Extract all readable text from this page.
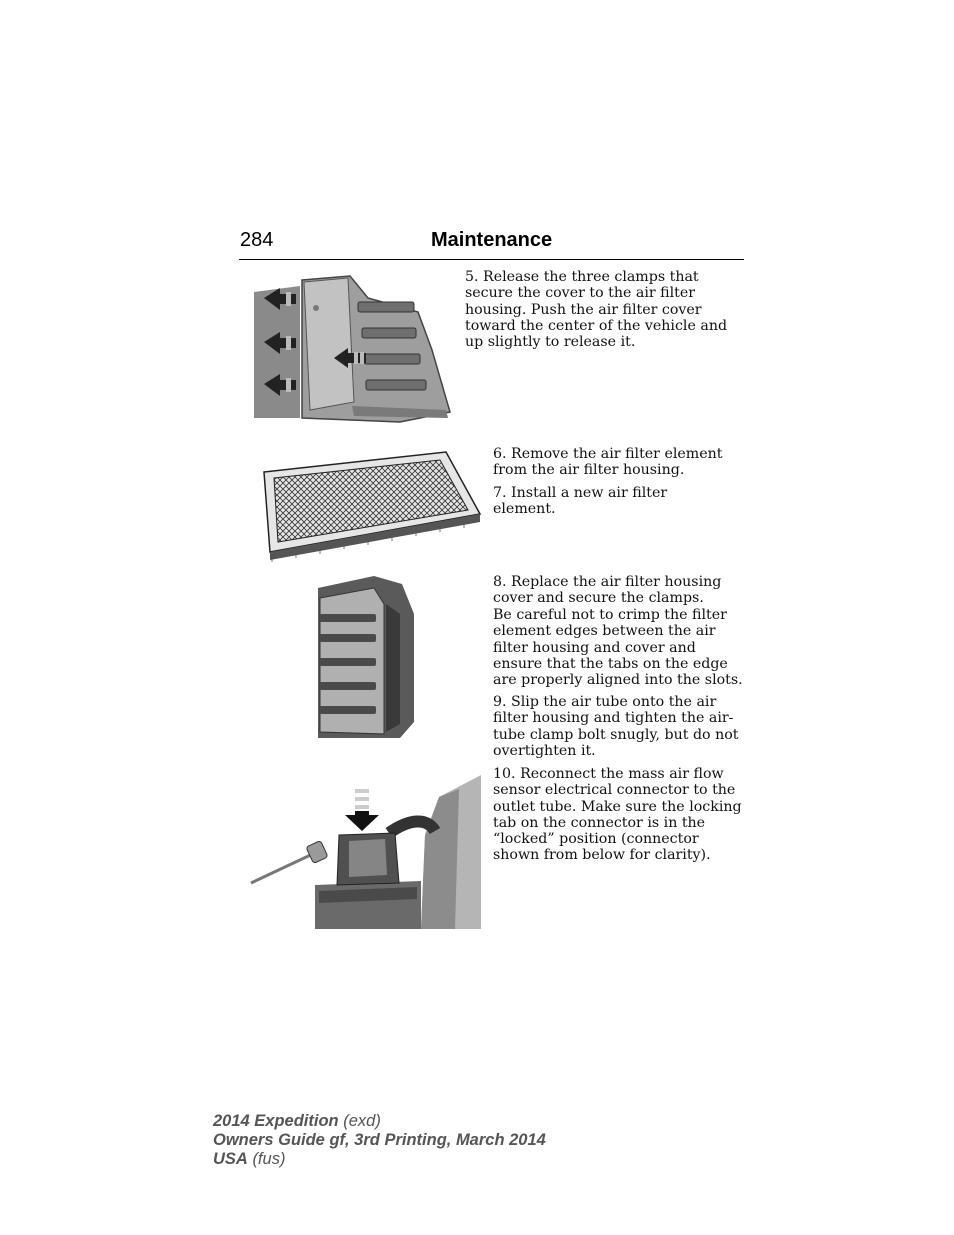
284	Maintenance

5. Release the three clamps that secure the cover to the air filter housing. Push the air filter cover toward the center of the vehicle and up slightly to release it.

6. Remove the air filter element from the air filter housing.

7. Install a new air filter element.

8. Replace the air filter housing cover and secure the clamps.

Be careful not to crimp the filter element edges between the air filter housing and cover and ensure that the tabs on the edge are properly aligned into the slots.

9. Slip the air tube onto the air filter housing and tighten the air-tube clamp bolt snugly, but do not overtighten it.

10. Reconnect the mass air flow sensor electrical connector to the outlet tube. Make sure the locking tab on the connector is in the “locked” position (connector shown from below for clarity).

2014 Expedition (exd)
Owners Guide gf, 3rd Printing, March 2014
USA (fus)
